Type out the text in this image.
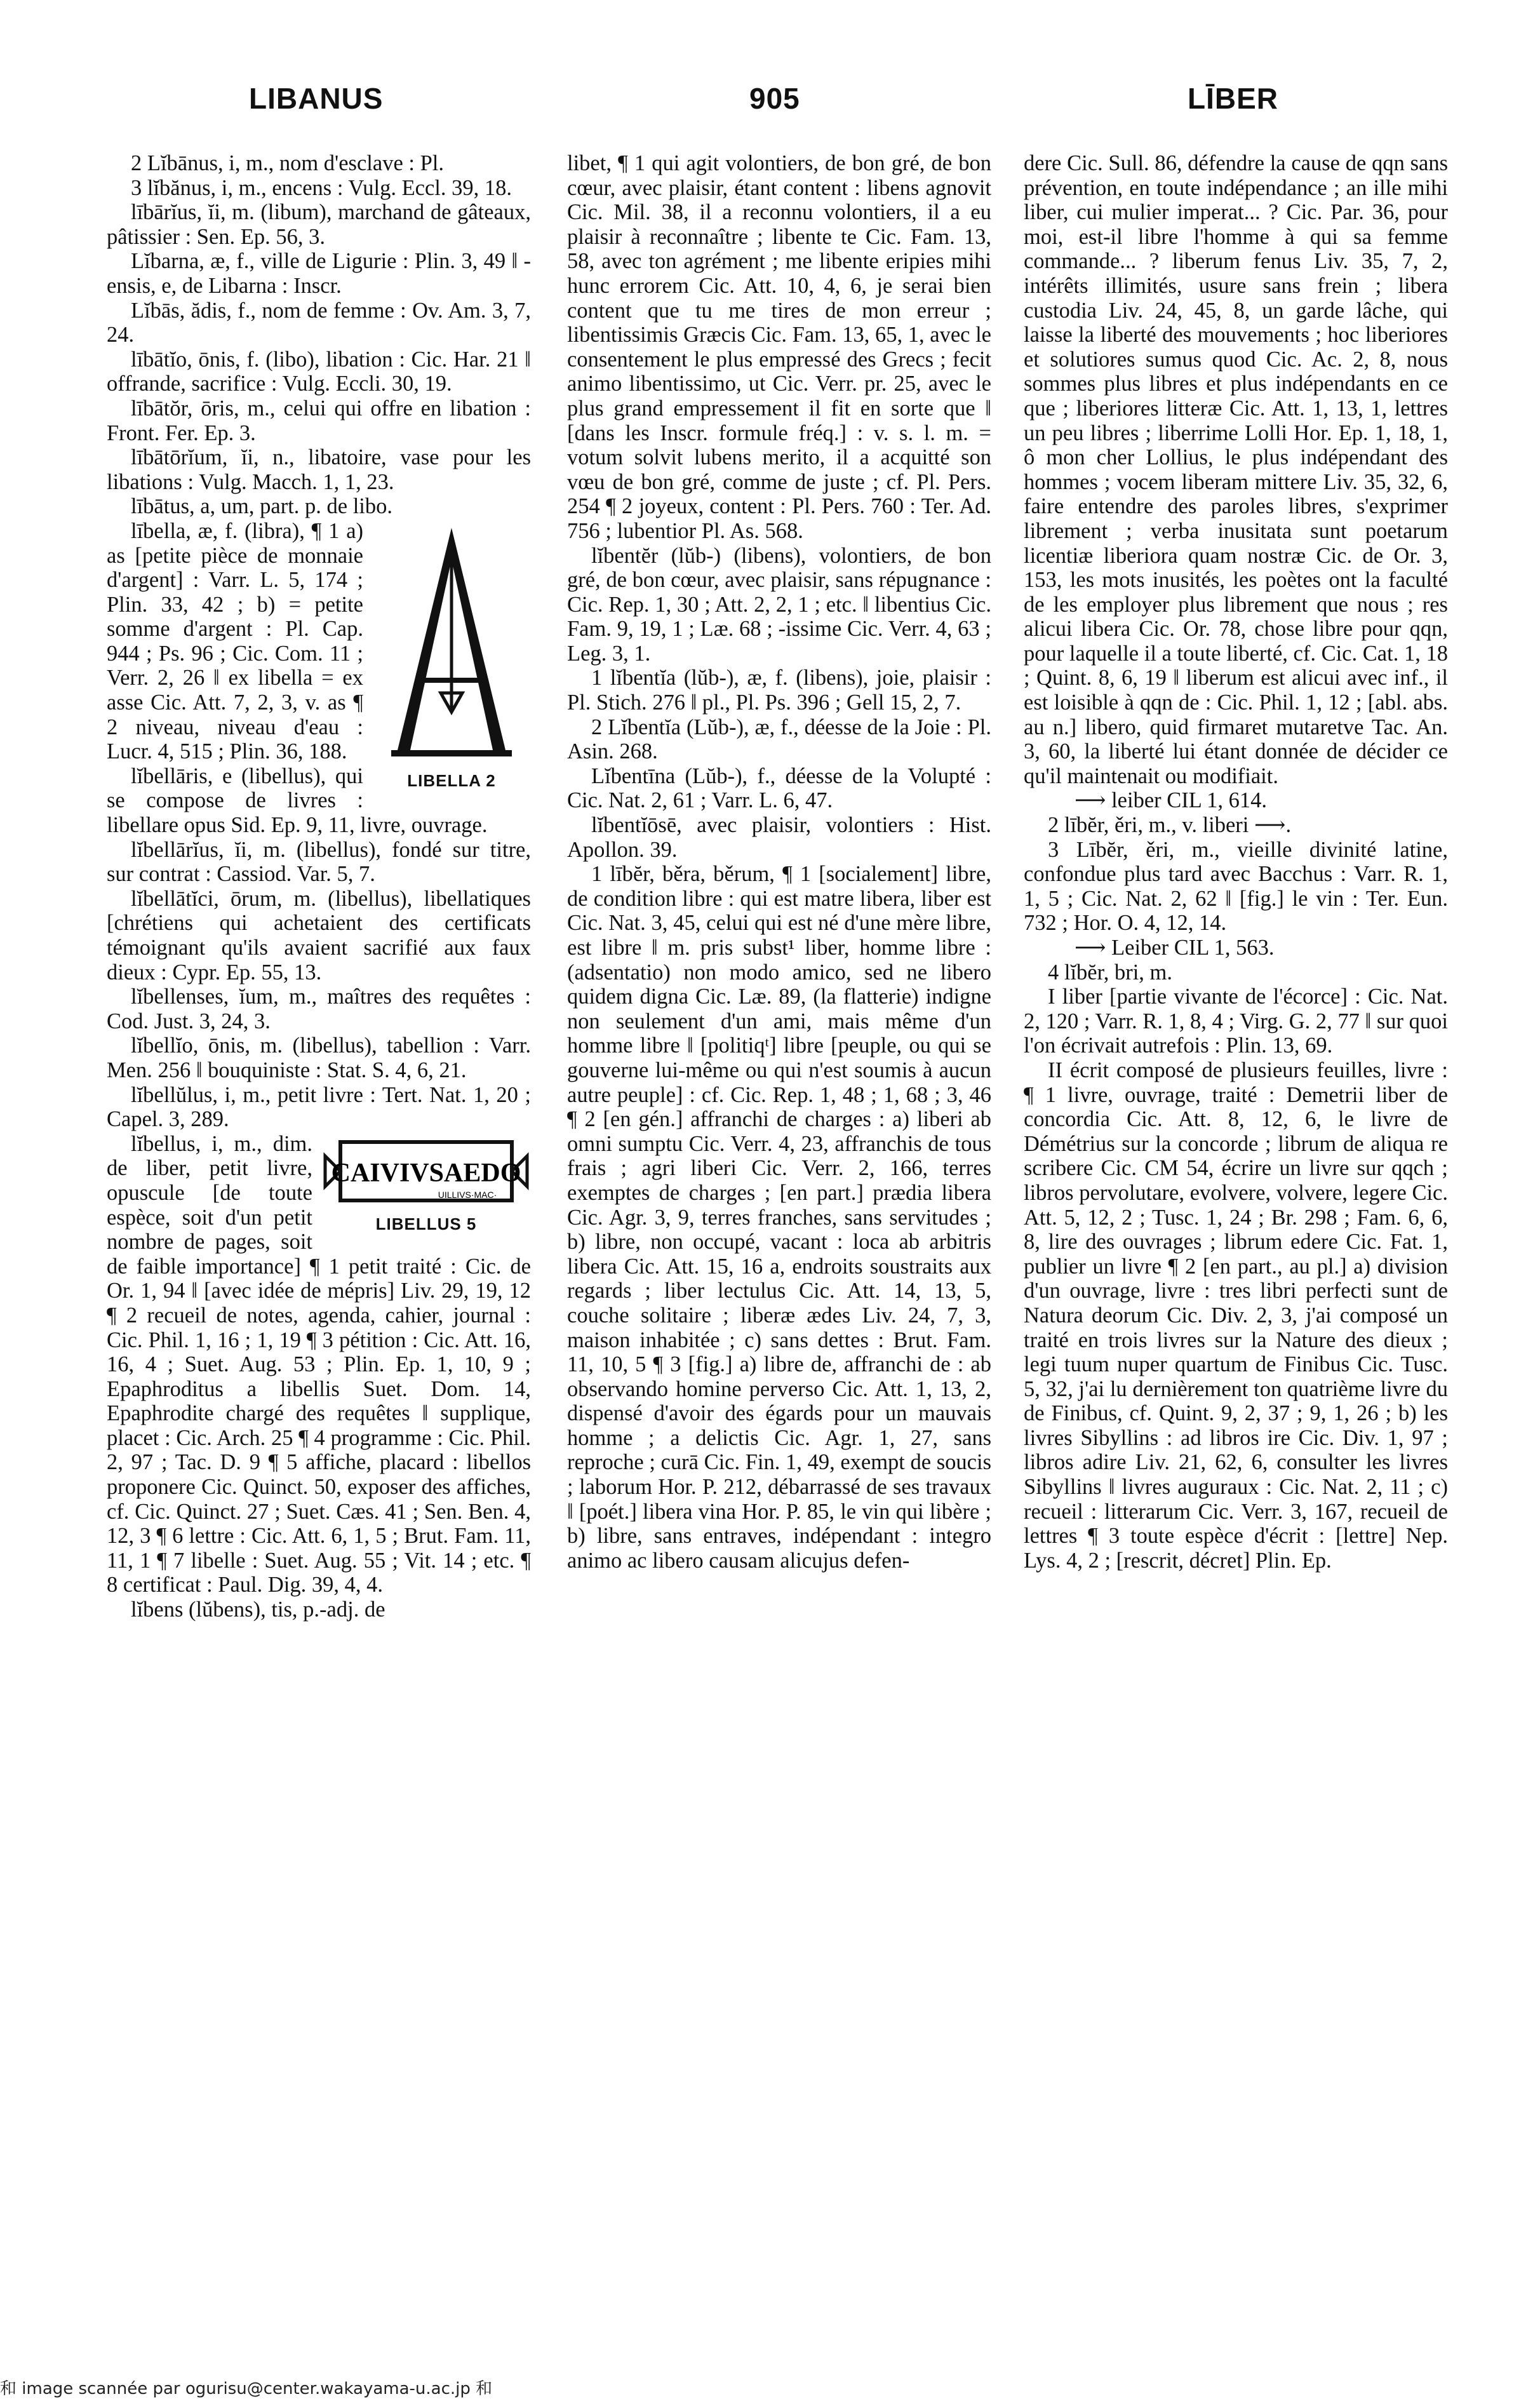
LIBANUS	905	LĪBER

2 Lĭbānus, i, m., nom d'esclave : Pl.

3 lĭbănus, i, m., encens : Vulg. Eccl. 39, 18.

lībārĭus, ĭi, m. (libum), marchand de gâteaux, pâtissier : Sen. Ep. 56, 3.

Lĭbarna, æ, f., ville de Ligurie : Plin. 3, 49 ‖ -ensis, e, de Libarna : Inscr.

Lĭbās, ădis, f., nom de femme : Ov. Am. 3, 7, 24.

lībātĭo, ōnis, f. (libo), libation : Cic. Har. 21 ‖ offrande, sacrifice : Vulg. Eccli. 30, 19.

lībātŏr, ōris, m., celui qui offre en libation : Front. Fer. Ep. 3.

lībātōrĭum, ĭi, n., libatoire, vase pour les libations : Vulg. Macch. 1, 1, 23.

lībātus, a, um, part. p. de libo.

LIBELLA 2

lībella, æ, f. (libra), ¶ 1 a) as [petite pièce de monnaie d'argent] : Varr. L. 5, 174 ; Plin. 33, 42 ; b) = petite somme d'argent : Pl. Cap. 944 ; Ps. 96 ; Cic. Com. 11 ; Verr. 2, 26 ‖ ex libella = ex asse Cic. Att. 7, 2, 3, v. as ¶ 2 niveau, niveau d'eau : Lucr. 4, 515 ; Plin. 36, 188.

lĭbellāris, e (libellus), qui se compose de livres : libellare opus Sid. Ep. 9, 11, livre, ouvrage.

lĭbellārĭus, ĭi, m. (libellus), fondé sur titre, sur contrat : Cassiod. Var. 5, 7.

lĭbellātĭci, ōrum, m. (libellus), libellatiques [chrétiens qui achetaient des certificats témoignant qu'ils avaient sacrifié aux faux dieux : Cypr. Ep. 55, 13.

lĭbellenses, ĭum, m., maîtres des requêtes : Cod. Just. 3, 24, 3.

lĭbellĭo, ōnis, m. (libellus), tabellion : Varr. Men. 256 ‖ bouquiniste : Stat. S. 4, 6, 21.

lĭbellŭlus, i, m., petit livre : Tert. Nat. 1, 20 ; Capel. 3, 289.

CAIVIVSAEDO
UILLIVS·MAC·
LIBELLUS 5

lĭbellus, i, m., dim. de liber, petit livre, opuscule [de toute espèce, soit d'un petit nombre de pages, soit de faible importance] ¶ 1 petit traité : Cic. de Or. 1, 94 ‖ [avec idée de mépris] Liv. 29, 19, 12 ¶ 2 recueil de notes, agenda, cahier, journal : Cic. Phil. 1, 16 ; 1, 19 ¶ 3 pétition : Cic. Att. 16, 16, 4 ; Suet. Aug. 53 ; Plin. Ep. 1, 10, 9 ; Epaphroditus a libellis Suet. Dom. 14, Epaphrodite chargé des requêtes ‖ supplique, placet : Cic. Arch. 25 ¶ 4 programme : Cic. Phil. 2, 97 ; Tac. D. 9 ¶ 5 affiche, placard : libellos proponere Cic. Quinct. 50, exposer des affiches, cf. Cic. Quinct. 27 ; Suet. Cæs. 41 ; Sen. Ben. 4, 12, 3 ¶ 6 lettre : Cic. Att. 6, 1, 5 ; Brut. Fam. 11, 11, 1 ¶ 7 libelle : Suet. Aug. 55 ; Vit. 14 ; etc. ¶ 8 certificat : Paul. Dig. 39, 4, 4.

lĭbens (lŭbens), tis, p.-adj. de

libet, ¶ 1 qui agit volontiers, de bon gré, de bon cœur, avec plaisir, étant content : libens agnovit Cic. Mil. 38, il a reconnu volontiers, il a eu plaisir à reconnaître ; libente te Cic. Fam. 13, 58, avec ton agrément ; me libente eripies mihi hunc errorem Cic. Att. 10, 4, 6, je serai bien content que tu me tires de mon erreur ; libentissimis Græcis Cic. Fam. 13, 65, 1, avec le consentement le plus empressé des Grecs ; fecit animo libentissimo, ut Cic. Verr. pr. 25, avec le plus grand empressement il fit en sorte que ‖ [dans les Inscr. formule fréq.] : v. s. l. m. = votum solvit lubens merito, il a acquitté son vœu de bon gré, comme de juste ; cf. Pl. Pers. 254 ¶ 2 joyeux, content : Pl. Pers. 760 : Ter. Ad. 756 ; lubentior Pl. As. 568.

lĭbentĕr (lŭb-) (libens), volontiers, de bon gré, de bon cœur, avec plaisir, sans répugnance : Cic. Rep. 1, 30 ; Att. 2, 2, 1 ; etc. ‖ libentius Cic. Fam. 9, 19, 1 ; Læ. 68 ; -issime Cic. Verr. 4, 63 ; Leg. 3, 1.

1 lĭbentĭa (lŭb-), æ, f. (libens), joie, plaisir : Pl. Stich. 276 ‖ pl., Pl. Ps. 396 ; Gell 15, 2, 7.

2 Lĭbentĭa (Lŭb-), æ, f., déesse de la Joie : Pl. Asin. 268.

Lĭbentīna (Lŭb-), f., déesse de la Volupté : Cic. Nat. 2, 61 ; Varr. L. 6, 47.

lĭbentĭōsē, avec plaisir, volontiers : Hist. Apollon. 39.

1 lībĕr, běra, běrum, ¶ 1 [socialement] libre, de condition libre : qui est matre libera, liber est Cic. Nat. 3, 45, celui qui est né d'une mère libre, est libre ‖ m. pris subst¹ liber, homme libre : (adsentatio) non modo amico, sed ne libero quidem digna Cic. Læ. 89, (la flatterie) indigne non seulement d'un ami, mais même d'un homme libre ‖ [politiqᵗ] libre [peuple, ou qui se gouverne lui-même ou qui n'est soumis à aucun autre peuple] : cf. Cic. Rep. 1, 48 ; 1, 68 ; 3, 46 ¶ 2 [en gén.] affranchi de charges : a) liberi ab omni sumptu Cic. Verr. 4, 23, affranchis de tous frais ; agri liberi Cic. Verr. 2, 166, terres exemptes de charges ; [en part.] prædia libera Cic. Agr. 3, 9, terres franches, sans servitudes ; b) libre, non occupé, vacant : loca ab arbitris libera Cic. Att. 15, 16 a, endroits soustraits aux regards ; liber lectulus Cic. Att. 14, 13, 5, couche solitaire ; liberæ ædes Liv. 24, 7, 3, maison inhabitée ; c) sans dettes : Brut. Fam. 11, 10, 5 ¶ 3 [fig.] a) libre de, affranchi de : ab observando homine perverso Cic. Att. 1, 13, 2, dispensé d'avoir des égards pour un mauvais homme ; a delictis Cic. Agr. 1, 27, sans reproche ; curā Cic. Fin. 1, 49, exempt de soucis ; laborum Hor. P. 212, débarrassé de ses travaux ‖ [poét.] libera vina Hor. P. 85, le vin qui libère ; b) libre, sans entraves, indépendant : integro animo ac libero causam alicujus defen-

dere Cic. Sull. 86, défendre la cause de qqn sans prévention, en toute indépendance ; an ille mihi liber, cui mulier imperat... ? Cic. Par. 36, pour moi, est-il libre l'homme à qui sa femme commande... ? liberum fenus Liv. 35, 7, 2, intérêts illimités, usure sans frein ; libera custodia Liv. 24, 45, 8, un garde lâche, qui laisse la liberté des mouvements ; hoc liberiores et solutiores sumus quod Cic. Ac. 2, 8, nous sommes plus libres et plus indépendants en ce que ; liberiores litteræ Cic. Att. 1, 13, 1, lettres un peu libres ; liberrime Lolli Hor. Ep. 1, 18, 1, ô mon cher Lollius, le plus indépendant des hommes ; vocem liberam mittere Liv. 35, 32, 6, faire entendre des paroles libres, s'exprimer librement ; verba inusitata sunt poetarum licentiæ liberiora quam nostræ Cic. de Or. 3, 153, les mots inusités, les poètes ont la faculté de les employer plus librement que nous ; res alicui libera Cic. Or. 78, chose libre pour qqn, pour laquelle il a toute liberté, cf. Cic. Cat. 1, 18 ; Quint. 8, 6, 19 ‖ liberum est alicui avec inf., il est loisible à qqn de : Cic. Phil. 1, 12 ; [abl. abs. au n.] libero, quid firmaret mutaretve Tac. An. 3, 60, la liberté lui étant donnée de décider ce qu'il maintenait ou modifiait.

⟶ leiber CIL 1, 614.

2 lībĕr, ěri, m., v. liberi ⟶.

3 Lībĕr, ěri, m., vieille divinité latine, confondue plus tard avec Bacchus : Varr. R. 1, 1, 5 ; Cic. Nat. 2, 62 ‖ [fig.] le vin : Ter. Eun. 732 ; Hor. O. 4, 12, 14.

⟶ Leiber CIL 1, 563.

4 lĭbĕr, bri, m.

I liber [partie vivante de l'écorce] : Cic. Nat. 2, 120 ; Varr. R. 1, 8, 4 ; Virg. G. 2, 77 ‖ sur quoi l'on écrivait autrefois : Plin. 13, 69.

II écrit composé de plusieurs feuilles, livre : ¶ 1 livre, ouvrage, traité : Demetrii liber de concordia Cic. Att. 8, 12, 6, le livre de Démétrius sur la concorde ; librum de aliqua re scribere Cic. CM 54, écrire un livre sur qqch ; libros pervolutare, evolvere, volvere, legere Cic. Att. 5, 12, 2 ; Tusc. 1, 24 ; Br. 298 ; Fam. 6, 6, 8, lire des ouvrages ; librum edere Cic. Fat. 1, publier un livre ¶ 2 [en part., au pl.] a) division d'un ouvrage, livre : tres libri perfecti sunt de Natura deorum Cic. Div. 2, 3, j'ai composé un traité en trois livres sur la Nature des dieux ; legi tuum nuper quartum de Finibus Cic. Tusc. 5, 32, j'ai lu dernièrement ton quatrième livre du de Finibus, cf. Quint. 9, 2, 37 ; 9, 1, 26 ; b) les livres Sibyllins : ad libros ire Cic. Div. 1, 97 ; libros adire Liv. 21, 62, 6, consulter les livres Sibyllins ‖ livres auguraux : Cic. Nat. 2, 11 ; c) recueil : litterarum Cic. Verr. 3, 167, recueil de lettres ¶ 3 toute espèce d'écrit : [lettre] Nep. Lys. 4, 2 ; [rescrit, décret] Plin. Ep.

和 image scannée par ogurisu@center.wakayama-u.ac.jp 和
